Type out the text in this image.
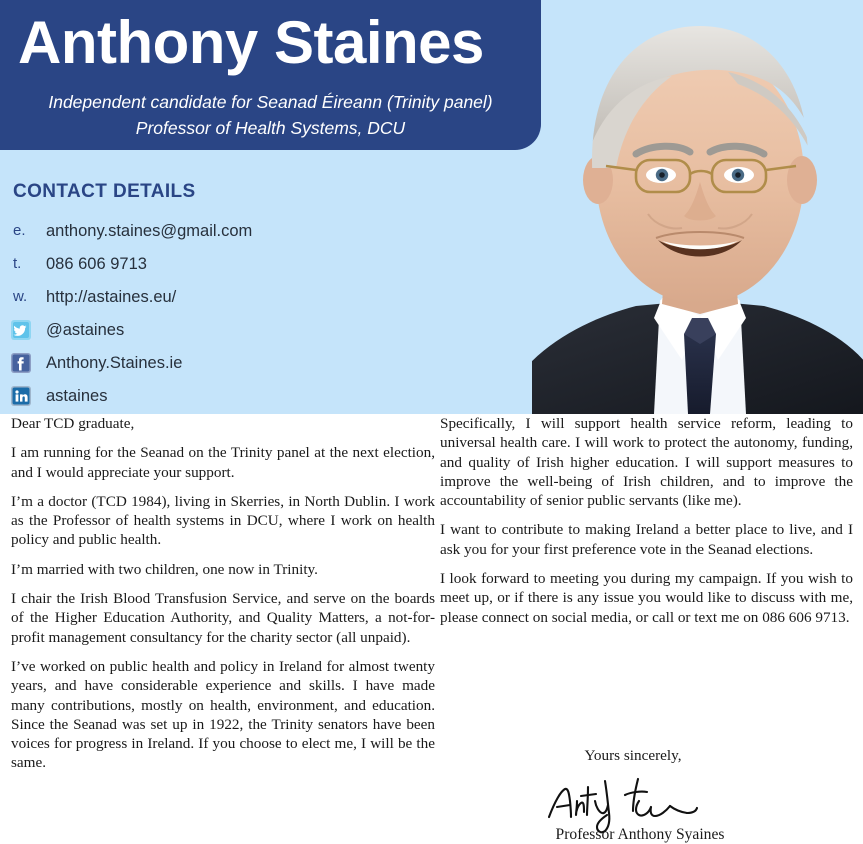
Anthony Staines
Independent candidate for Seanad Éireann (Trinity panel)
Professor of Health Systems, DCU
CONTACT DETAILS
e. anthony.staines@gmail.com
t. 086 606 9713
w. http://astaines.eu/
@astaines
Anthony.Staines.ie
astaines

Dear TCD graduate,

I am running for the Seanad on the Trinity panel at the next election, and I would appreciate your support.

I’m a doctor (TCD 1984), living in Skerries, in North Dublin. I work as the Professor of health systems in DCU, where I work on health policy and public health.

I’m married with two children, one now in Trinity.

I chair the Irish Blood Transfusion Service, and serve on the boards of the Higher Education Authority, and Quality Matters, a not-for-profit management consultancy for the charity sector (all unpaid).

I’ve worked on public health and policy in Ireland for almost twenty years, and have considerable experience and skills. I have made many contributions, mostly on health, environment, and education. Since the Seanad was set up in 1922, the Trinity senators have been voices for progress in Ireland. If you choose to elect me, I will be the same.

Specifically, I will support health service reform, leading to universal health care. I will work to protect the autonomy, funding, and quality of Irish higher education. I will support measures to improve the well-being of Irish children, and to improve the accountability of senior public servants (like me).

I want to contribute to making Ireland a better place to live, and I ask you for your first preference vote in the Seanad elections.

I look forward to meeting you during my campaign. If you wish to meet up, or if there is any issue you would like to discuss with me, please connect on social media, or call or text me on 086 606 9713.

Yours sincerely,
Professor Anthony Syaines
